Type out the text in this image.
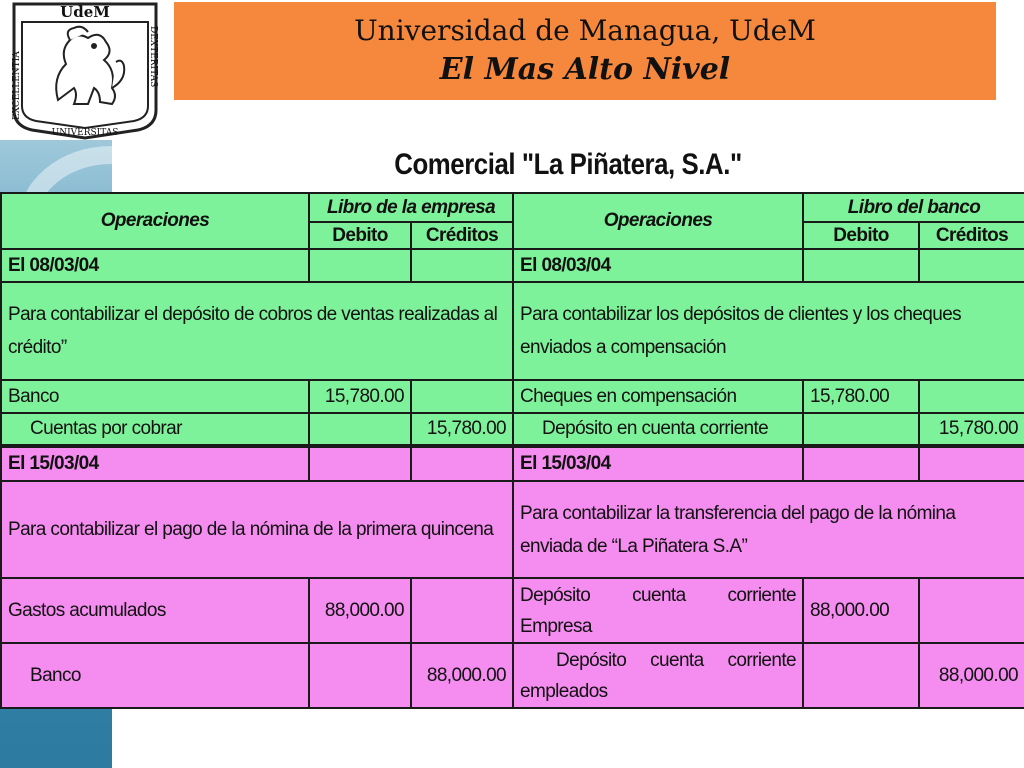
UdeM
EXCELLENTIA	DEXTERITAS
UNIVERSITAS
Universidad de Managua, UdeM
El Mas Alto Nivel
Comercial "La Piñatera, S.A."
Operaciones	Libro de la empresa		Operaciones	Libro del banco	
	Debito	Créditos		Debito	Créditos
El 08/03/04			El 08/03/04		
Para contabilizar el depósito de cobros de ventas realizadas al crédito”			Para contabilizar los depósitos de clientes y los cheques enviados a compensación		
Banco	15,780.00		Cheques en compensación	15,780.00	
Cuentas por cobrar		15,780.00	Depósito en cuenta corriente		15,780.00
El 15/03/04			El 15/03/04		
Para contabilizar el pago de la nómina de la primera quincena			Para contabilizar la transferencia del pago de la nómina enviada de “La Piñatera S.A”		
Gastos acumulados	88,000.00		Depósito cuenta corriente Empresa	88,000.00	
Banco		88,000.00	Depósito cuenta corriente empleados		88,000.00
